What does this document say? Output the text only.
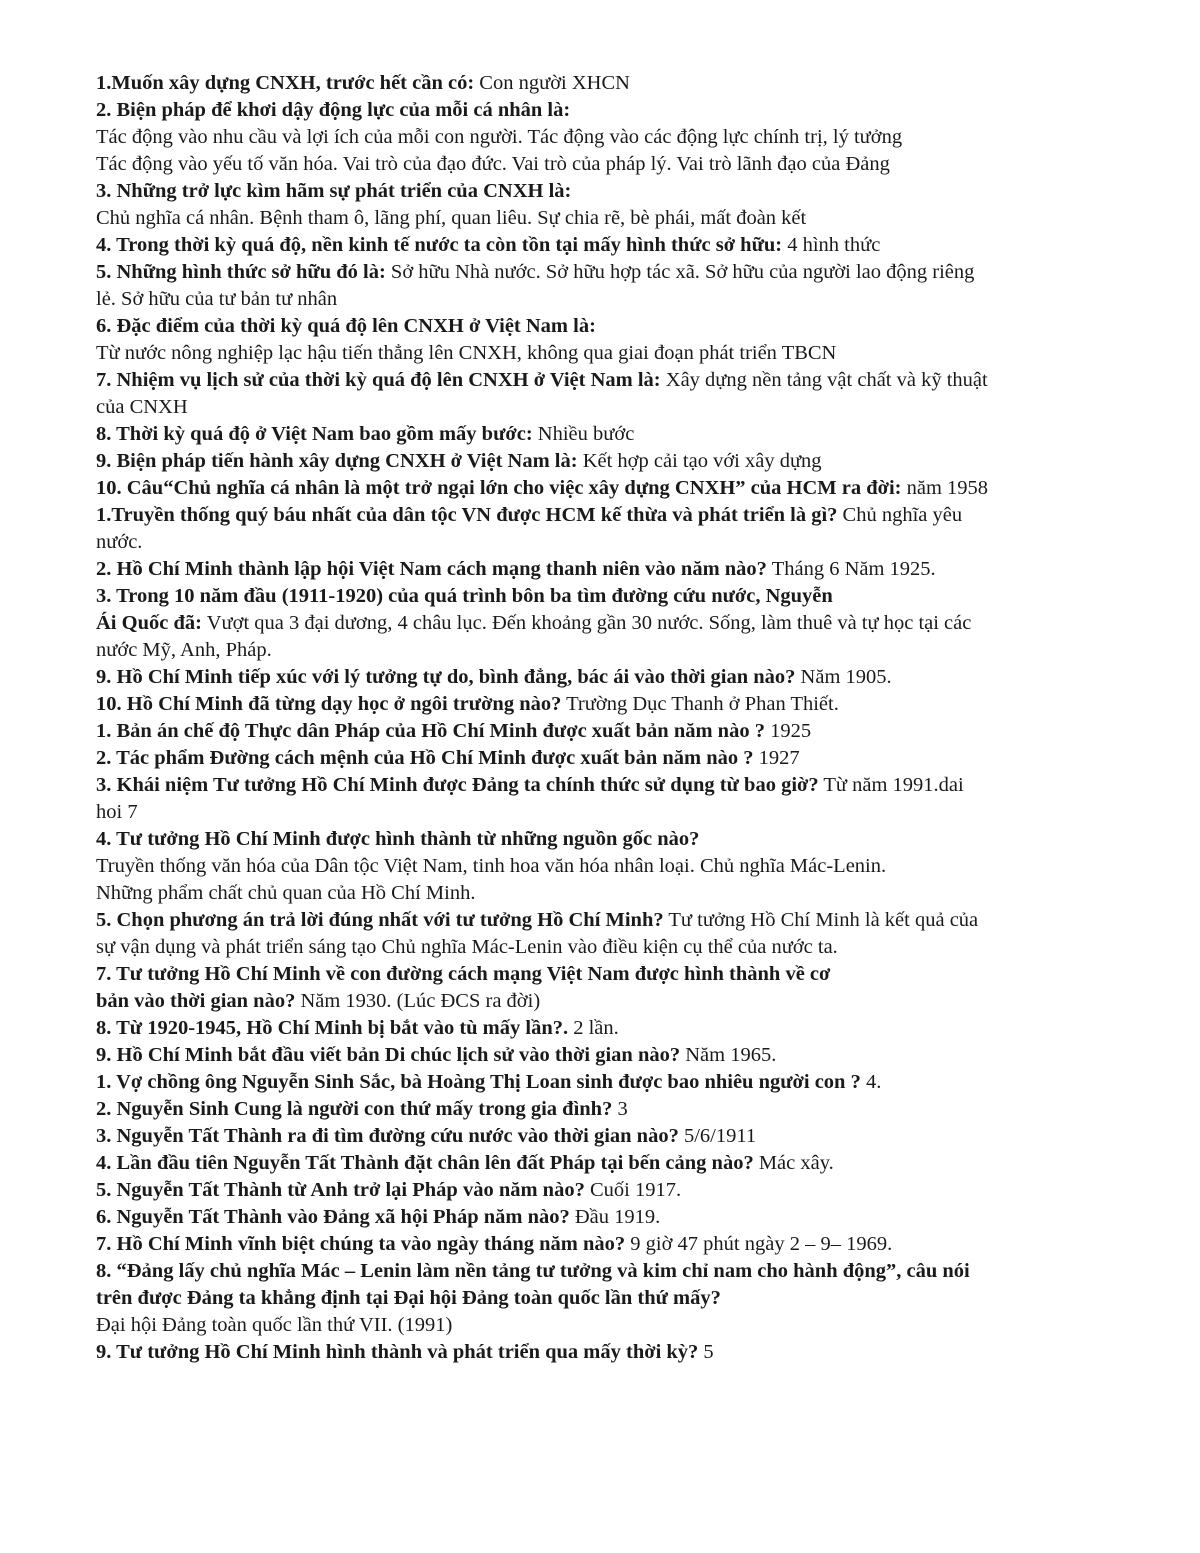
1.Muốn xây dựng CNXH, trước hết cần có: Con người XHCN
2. Biện pháp để khơi dậy động lực của mỗi cá nhân là:
Tác động vào nhu cầu và lợi ích của mỗi con người. Tác động vào các động lực chính trị, lý tưởng
Tác động vào yếu tố văn hóa. Vai trò của đạo đức. Vai trò của pháp lý. Vai trò lãnh đạo của Đảng
3. Những trở lực kìm hãm sự phát triển của CNXH là:
Chủ nghĩa cá nhân. Bệnh tham ô, lãng phí, quan liêu. Sự chia rẽ, bè phái, mất đoàn kết
4. Trong thời kỳ quá độ, nền kinh tế nước ta còn tồn tại mấy hình thức sở hữu: 4 hình thức
5. Những hình thức sở hữu đó là: Sở hữu Nhà nước. Sở hữu hợp tác xã. Sở hữu của người lao động riêng
lẻ. Sở hữu của tư bản tư nhân
6. Đặc điểm của thời kỳ quá độ lên CNXH ở Việt Nam là:
Từ nước nông nghiệp lạc hậu tiến thẳng lên CNXH, không qua giai đoạn phát triển TBCN
7. Nhiệm vụ lịch sử của thời kỳ quá độ lên CNXH ở Việt Nam là: Xây dựng nền tảng vật chất và kỹ thuật
của CNXH
8. Thời kỳ quá độ ở Việt Nam bao gồm mấy bước: Nhiều bước
9. Biện pháp tiến hành xây dựng CNXH ở Việt Nam là: Kết hợp cải tạo với xây dựng
10. Câu“Chủ nghĩa cá nhân là một trở ngại lớn cho việc xây dựng CNXH” của HCM ra đời: năm 1958
1.Truyền thống quý báu nhất của dân tộc VN được HCM kế thừa và phát triển là gì? Chủ nghĩa yêu
nước.
2. Hồ Chí Minh thành lập hội Việt Nam cách mạng thanh niên vào năm nào? Tháng 6 Năm 1925.
3. Trong 10 năm đầu (1911-1920) của quá trình bôn ba tìm đường cứu nước, Nguyễn
Ái Quốc đã: Vượt qua 3 đại dương, 4 châu lục. Đến khoảng gần 30 nước. Sống, làm thuê và tự học tại các
nước Mỹ, Anh, Pháp.
9. Hồ Chí Minh tiếp xúc với lý tưởng tự do, bình đẳng, bác ái vào thời gian nào? Năm 1905.
10. Hồ Chí Minh đã từng dạy học ở ngôi trường nào? Trường Dục Thanh ở Phan Thiết.
1. Bản án chế độ Thực dân Pháp của Hồ Chí Minh được xuất bản năm nào ? 1925
2. Tác phẩm Đường cách mệnh của Hồ Chí Minh được xuất bản năm nào ? 1927
3. Khái niệm Tư tưởng Hồ Chí Minh được Đảng ta chính thức sử dụng từ bao giờ? Từ năm 1991.dai
hoi 7
4. Tư tưởng Hồ Chí Minh được hình thành từ những nguồn gốc nào?
Truyền thống văn hóa của Dân tộc Việt Nam, tinh hoa văn hóa nhân loại. Chủ nghĩa Mác-Lenin.
Những phẩm chất chủ quan của Hồ Chí Minh.
5. Chọn phương án trả lời đúng nhất với tư tưởng Hồ Chí Minh? Tư tưởng Hồ Chí Minh là kết quả của
sự vận dụng và phát triển sáng tạo Chủ nghĩa Mác-Lenin vào điều kiện cụ thể của nước ta.
7. Tư tưởng Hồ Chí Minh về con đường cách mạng Việt Nam được hình thành về cơ
bản vào thời gian nào? Năm 1930. (Lúc ĐCS ra đời)
8. Từ 1920-1945, Hồ Chí Minh bị bắt vào tù mấy lần?. 2 lần.
9. Hồ Chí Minh bắt đầu viết bản Di chúc lịch sử vào thời gian nào? Năm 1965.
1. Vợ chồng ông Nguyễn Sinh Sắc, bà Hoàng Thị Loan sinh được bao nhiêu người con ? 4.
2. Nguyễn Sinh Cung là người con thứ mấy trong gia đình? 3
3. Nguyễn Tất Thành ra đi tìm đường cứu nước vào thời gian nào? 5/6/1911
4. Lần đầu tiên Nguyễn Tất Thành đặt chân lên đất Pháp tại bến cảng nào? Mác xây.
5. Nguyễn Tất Thành từ Anh trở lại Pháp vào năm nào? Cuối 1917.
6. Nguyễn Tất Thành vào Đảng xã hội Pháp năm nào? Đầu 1919.
7. Hồ Chí Minh vĩnh biệt chúng ta vào ngày tháng năm nào? 9 giờ 47 phút ngày 2 – 9– 1969.
8. “Đảng lấy chủ nghĩa Mác – Lenin làm nền tảng tư tưởng và kim chỉ nam cho hành động”, câu nói
trên được Đảng ta khẳng định tại Đại hội Đảng toàn quốc lần thứ mấy?
Đại hội Đảng toàn quốc lần thứ VII. (1991)
9. Tư tưởng Hồ Chí Minh hình thành và phát triển qua mấy thời kỳ? 5
